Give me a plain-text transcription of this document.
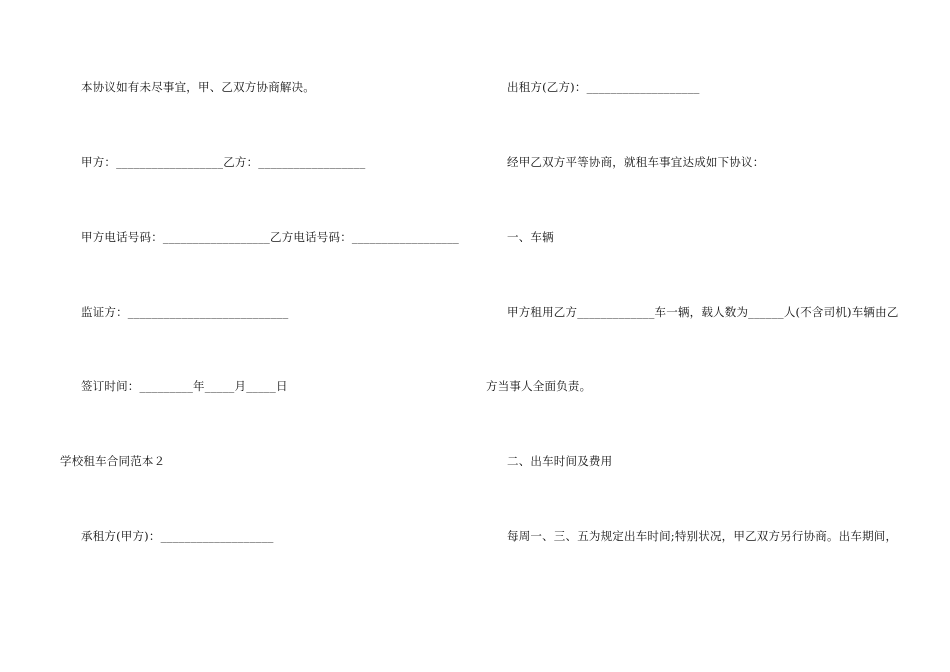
本协议如有未尽事宜，甲、乙双方协商解决。
甲方：__________________乙方：__________________
甲方电话号码：__________________乙方电话号码：__________________
监证方：___________________________
签订时间：_________年_____月_____日
学校租车合同范本２
承租方(甲方)：___________________
出租方(乙方)：___________________
经甲乙双方平等协商，就租车事宜达成如下协议：
一、车辆
甲方租用乙方_____________车一辆，载人数为______人(不含司机)车辆由乙
方当事人全面负责。
二、出车时间及费用
每周一、三、五为规定出车时间;特别状况，甲乙双方另行协商。出车期间，
